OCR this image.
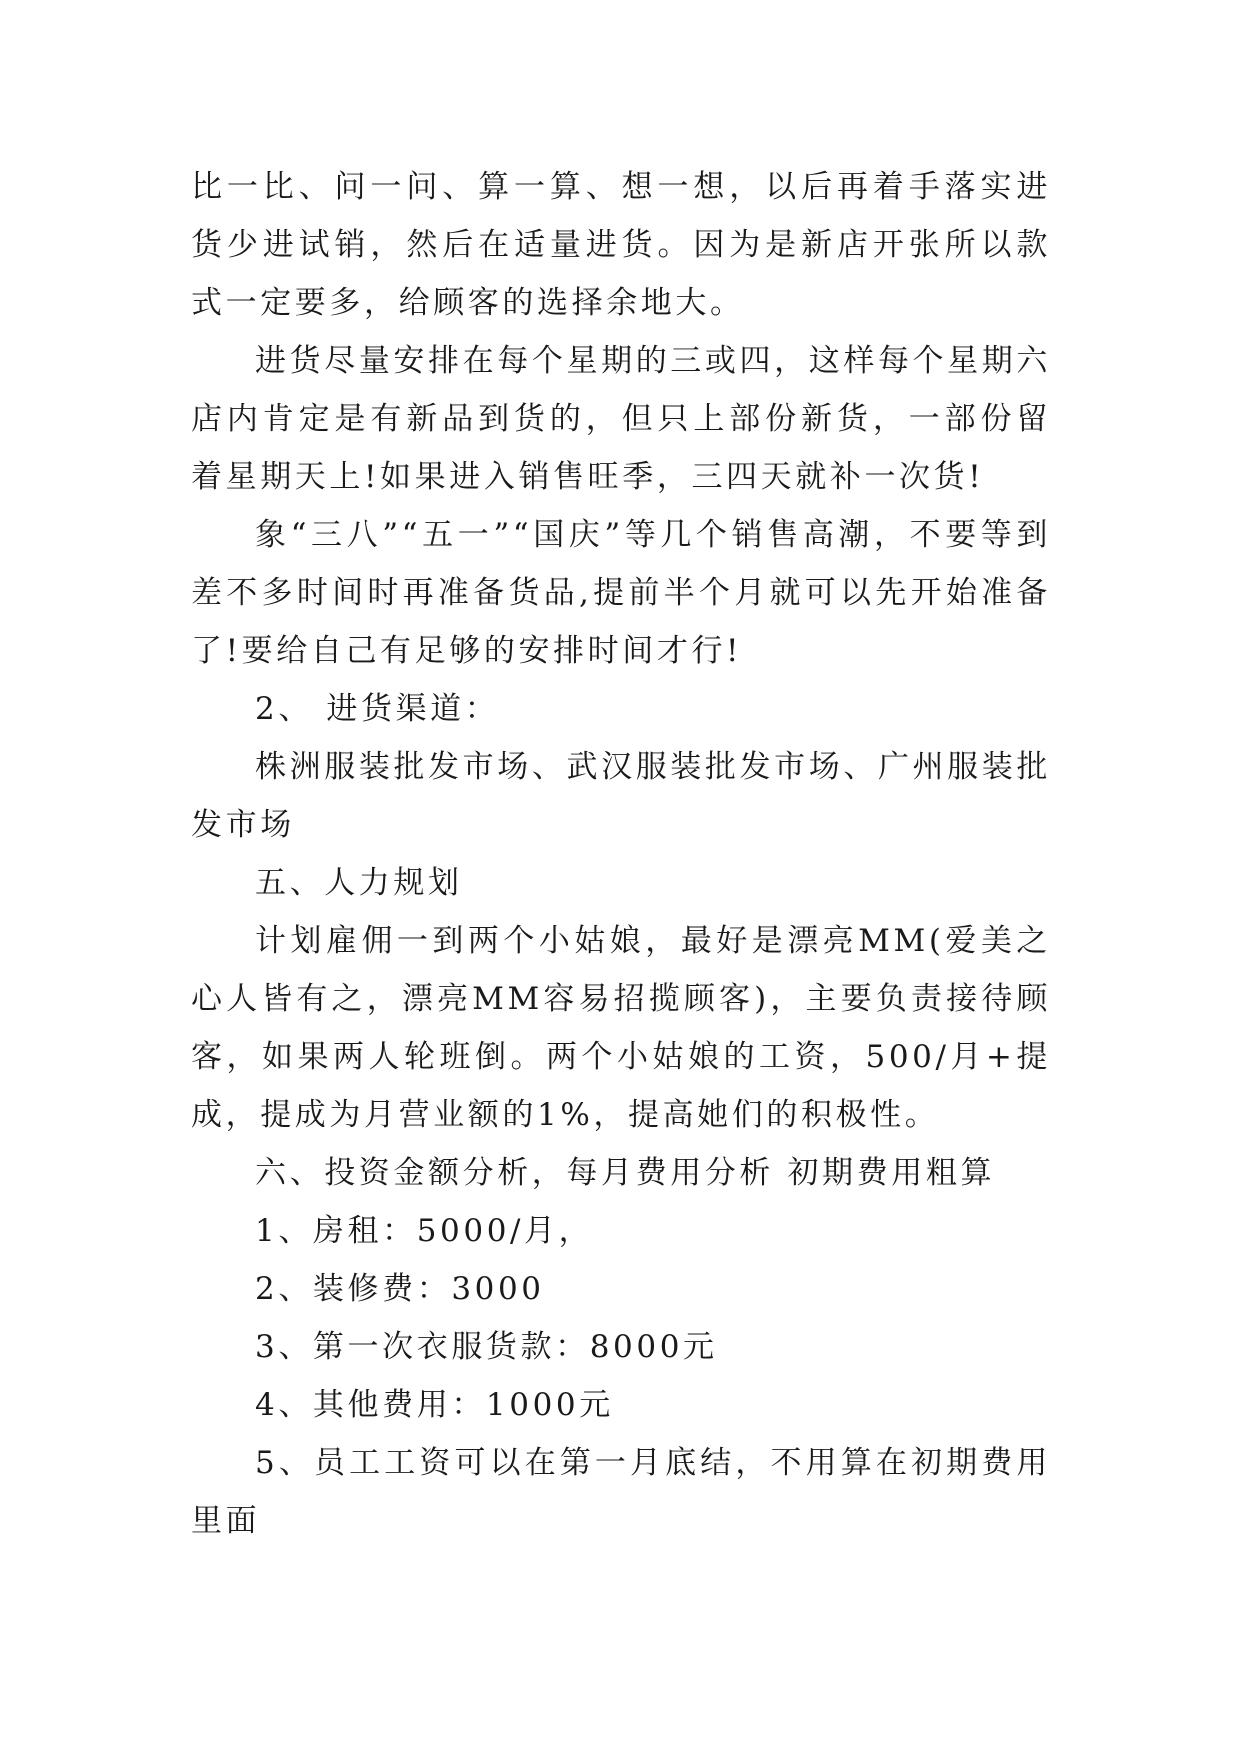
比一比、问一问、算一算、想一想，以后再着手落实进货少进试销，然后在适量进货。因为是新店开张所以款式一定要多，给顾客的选择余地大。

进货尽量安排在每个星期的三或四，这样每个星期六店内肯定是有新品到货的，但只上部份新货，一部份留着星期天上!如果进入销售旺季，三四天就补一次货!

象“三八”“五一”“国庆”等几个销售高潮，不要等到差不多时间时再准备货品,提前半个月就可以先开始准备了!要给自己有足够的安排时间才行!

2、 进货渠道：

株洲服装批发市场、武汉服装批发市场、广州服装批发市场

五、人力规划

计划雇佣一到两个小姑娘，最好是漂亮MM(爱美之心人皆有之，漂亮MM容易招揽顾客)，主要负责接待顾客，如果两人轮班倒。两个小姑娘的工资，500/月+提成，提成为月营业额的1%，提高她们的积极性。

六、投资金额分析，每月费用分析 初期费用粗算

1、房租：5000/月，

2、装修费：3000

3、第一次衣服货款：8000元

4、其他费用：1000元

5、员工工资可以在第一月底结，不用算在初期费用里面
